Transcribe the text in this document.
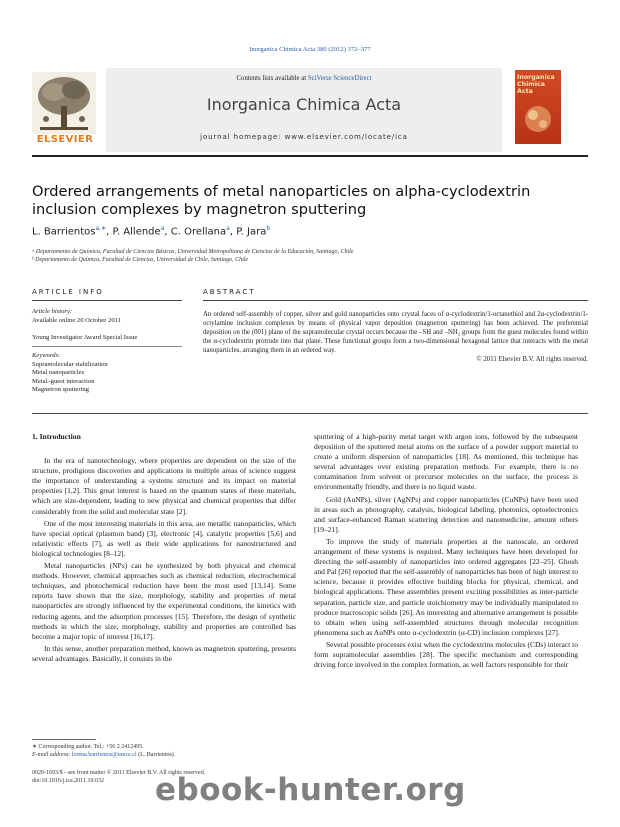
Inorganica Chimica Acta 380 (2012) 372–377
Contents lists available at SciVerse ScienceDirect
Inorganica Chimica Acta
journal homepage: www.elsevier.com/locate/ica
ELSEVIER
Inorganica Chimica Acta
Ordered arrangements of metal nanoparticles on alpha-cyclodextrin inclusion complexes by magnetron sputtering
L. Barrientos$^{a,∗}$, P. Allende$^a$, C. Orellana$^a$, P. Jara$^b$
ᵃ Departamento de Química, Facultad de Ciencias Básicas, Universidad Metropolitana de Ciencias de la Educación, Santiago, Chile
ᵇ Departamento de Química, Facultad de Ciencias, Universidad de Chile, Santiago, Chile
ARTICLE INFO	ABSTRACT
Article history:
Available online 20 October 2011
Young Investigator Award Special Issue
Keywords:
Supramolecular stabilization
Metal nanoparticles
Metal–guest interaction
Magnetron sputtering
An ordered self-assembly of copper, silver and gold nanoparticles onto crystal faces of α-cyclodextrin/1-octanethiol and 2α-cyclodextrin/1-octylamine inclusion complexes by means of physical vapor deposition (magnetron sputtering) has been achieved. The preferential deposition on the (001) plane of the supramolecular crystal occurs because the –SH and –NH₂ groups from the guest molecules found within the α-cyclodextrin protrude into that plane. These functional groups form a two-dimensional hexagonal lattice that interacts with the metal nanoparticles, arranging them in an ordered way.
© 2011 Elsevier B.V. All rights reserved.
1. Introduction

In the era of nanotechnology, where properties are dependent on the size of the structure, prodigious discoveries and applications in multiple areas of science suggest the importance of understanding a systems structure and its impact on material properties [1,2]. This great interest is based on the quantum states of these materials, which are size-dependent, leading to new physical and chemical properties that differ considerably from the solid and molecular state [2].

One of the most interesting materials in this area, are metallic nanoparticles, which have special optical (plasmon band) [3], electronic [4], catalytic properties [5,6] and relativistic effects [7], as well as their wide applications for nanostructured and biological technologies [8–12].

Metal nanoparticles (NPs) can be synthesized by both physical and chemical methods. However, chemical approaches such as chemical reduction, electrochemical techniques, and photochemical reduction have been the most used [13,14]. Some reports have shown that the size, morphology, stability and properties of metal nanoparticles are strongly influenced by the experimental conditions, the kinetics with reducing agents, and the adsorption processes [15]. Therefore, the design of synthetic methods in which the size, morphology, stability and properties are controlled has become a major topic of interest [16,17].

In this sense, another preparation method, known as magnetron sputtering, presents several advantages. Basically, it consists in the

sputtering of a high-purity metal target with argon ions, followed by the subsequent deposition of the sputtered metal atoms on the surface of a powder support material to create a uniform dispersion of nanoparticles [18]. As mentioned, this technique has several advantages over existing preparation methods. For example, there is no contamination from solvent or precursor molecules on the surface, the process is environmentally friendly, and there is no liquid waste.

Gold (AuNPs), silver (AgNPs) and copper nanoparticles (CuNPs) have been used in areas such as photography, catalysis, biological labeling, photonics, optoelectronics and surface-enhanced Raman scattering detection and nanomedicine, amount others [19–21].

To improve the study of materials properties at the nanoscale, an ordered arrangement of these systems is required. Many techniques have been developed for directing the self-assembly of nanoparticles into ordered aggregates [22–25]. Ghosh and Pal [26] reported that the self-assembly of nanoparticles has been of high interest to science, because it provides effective building blocks for physical, chemical, and biological applications. These assemblies present exciting possibilities as inter-particle separation, particle size, and particle stoichiometry may be individually manipulated to produce macroscopic solids [26]. An interesting and alternative arrangement is possible to obtain when using self-assembled structures through molecular recognition phenomena such as AuNPs onto α-cyclodextrin (α-CD) inclusion complexes [27].

Several possible processes exist when the cyclodextrins molecules (CDs) interact to form supramolecular assemblies [28]. The specific mechanism and corresponding driving force involved in the complex formation, as well factors responsible for their

∗ Corresponding author. Tel.: +56 2 2412495.
E-mail address: lorena.barrientos@umce.cl (L. Barrientos).
0020-1693/$ - see front matter © 2011 Elsevier B.V. All rights reserved.
doi:10.1016/j.ica.2011.10.032 ebook-hunter.org
